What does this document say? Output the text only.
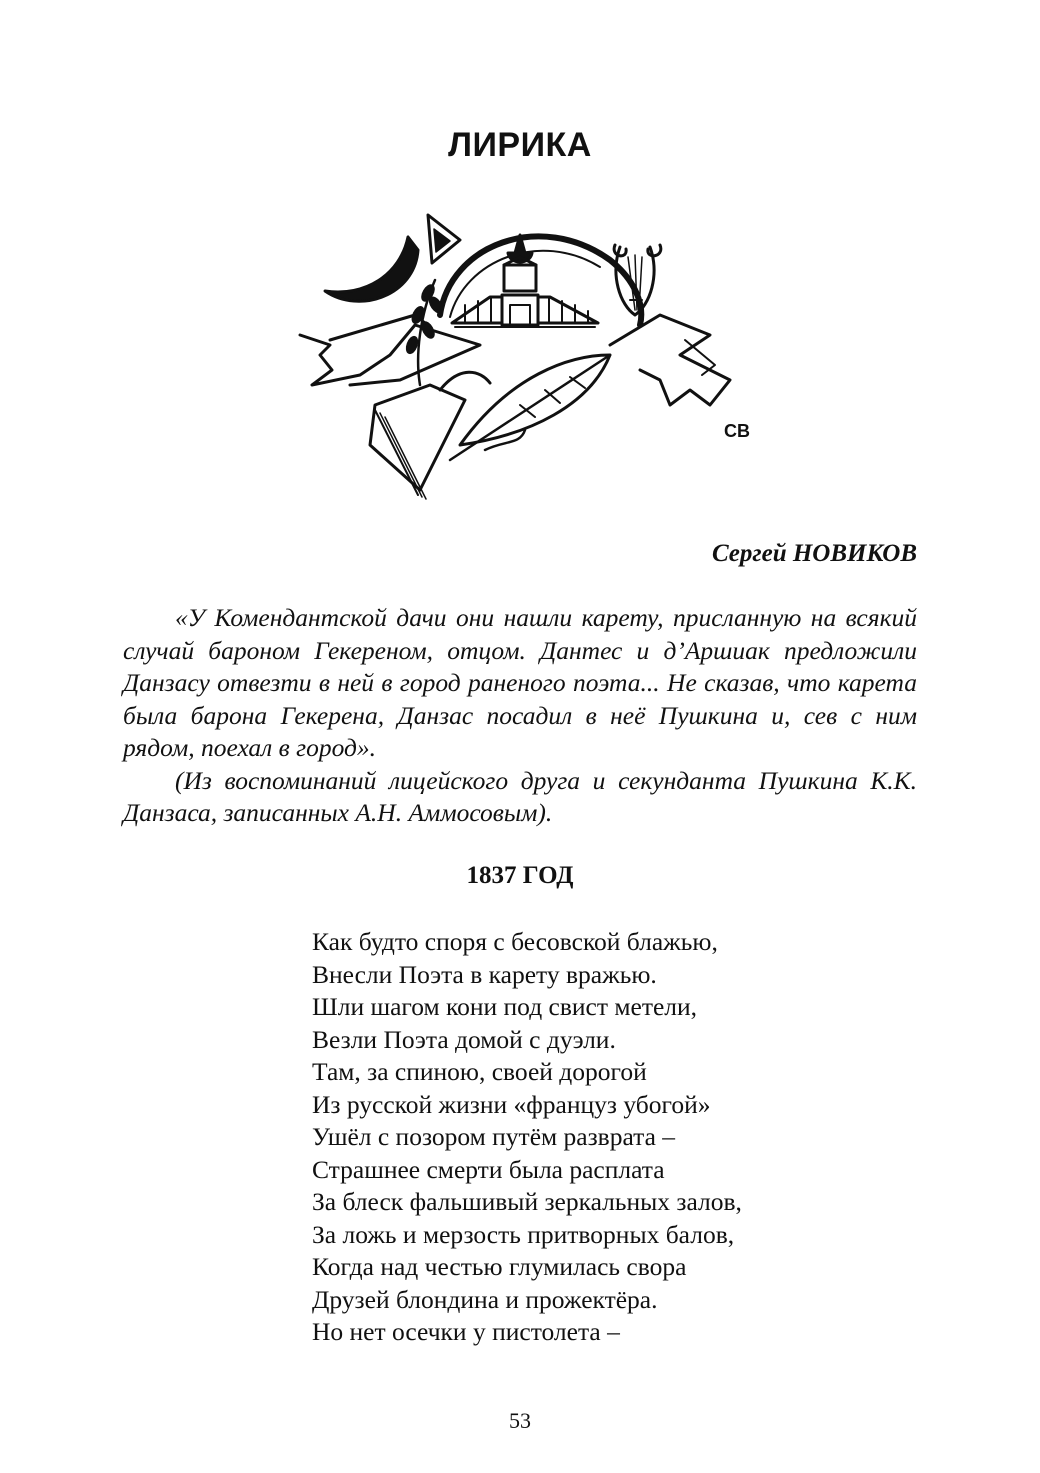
ЛИРИКА
СВ

Сергей НОВИКОВ

«У Комендантской дачи они нашли карету, присланную на всякий случай бароном Гекереном, отцом. Дантес и д’Аршиак предложили Данзасу отвезти в ней в город раненого поэта... Не сказав, что карета была барона Гекерена, Данзас посадил в неё Пушкина и, сев с ним рядом, поехал в город».

(Из воспоминаний лицейского друга и секунданта Пушкина К.К. Данзаса, записанных А.Н. Аммосовым).

1837 ГОД
Как будто споря с бесовской блажью,
Внесли Поэта в карету вражью.
Шли шагом кони под свист метели,
Везли Поэта домой с дуэли.
Там, за спиною, своей дорогой
Из русской жизни «француз убогой»
Ушёл с позором путём разврата –
Страшнее смерти была расплата
За блеск фальшивый зеркальных залов,
За ложь и мерзость притворных балов,
Когда над честью глумилась свора
Друзей блондина и прожектёра.
Но нет осечки у пистолета –

53
